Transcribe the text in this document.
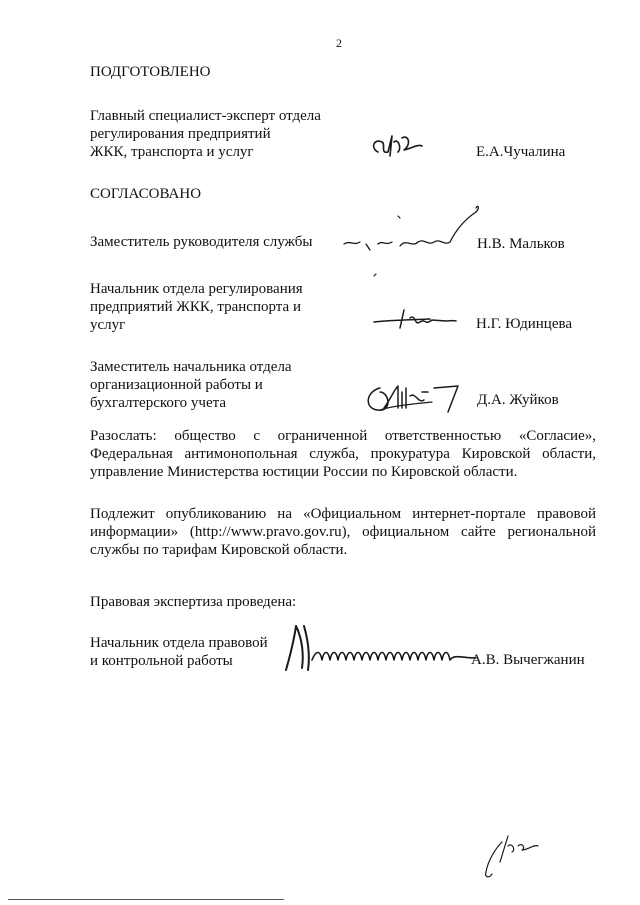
2
ПОДГОТОВЛЕНО
Главный специалист-эксперт отдела
регулирования предприятий
ЖКК, транспорта и услуг	Е.А.Чучалина
СОГЛАСОВАНО
Заместитель руководителя службы	Н.В. Мальков
Начальник отдела регулирования
предприятий ЖКК, транспорта и
услуг	Н.Г. Юдинцева
Заместитель начальника отдела
организационной работы и
бухгалтерского учета	Д.А. Жуйков
Разослать: общество с ограниченной ответственностью «Согласие», Федеральная антимонопольная служба, прокуратура Кировской области, управление Министерства юстиции России по Кировской области.
Подлежит опубликованию на «Официальном интернет-портале правовой информации» (http://www.pravo.gov.ru), официальном сайте региональной службы по тарифам Кировской области.
Правовая экспертиза проведена:
Начальник отдела правовой
и контрольной работы	А.В. Вычегжанин
